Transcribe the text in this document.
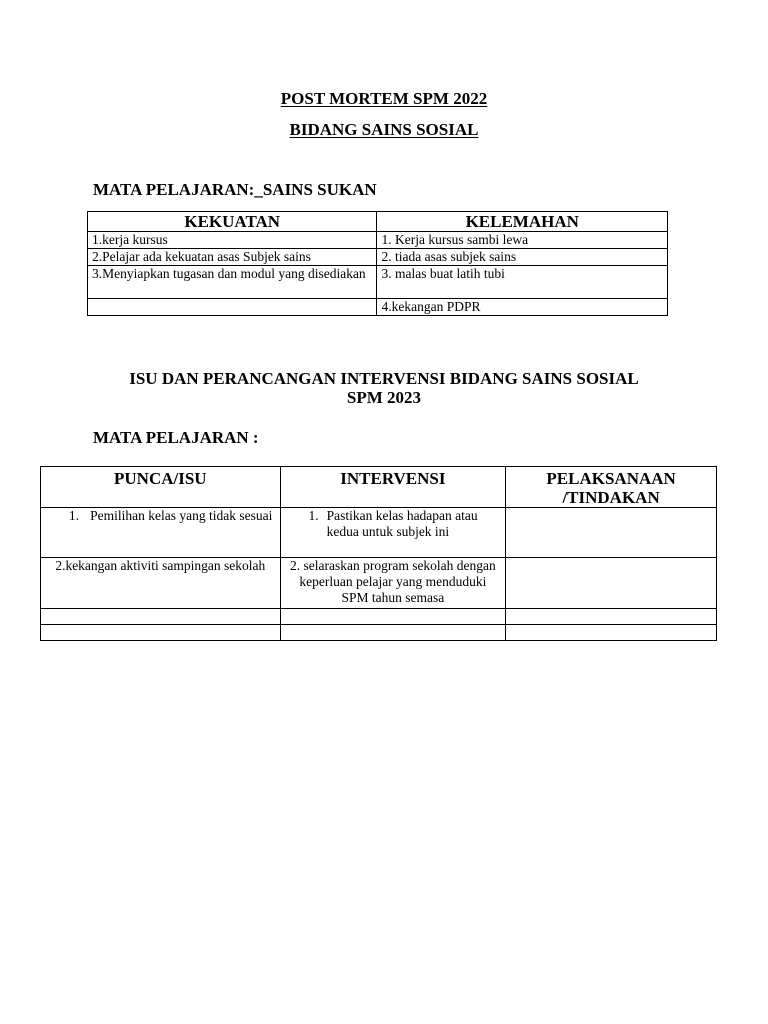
POST MORTEM SPM 2022
BIDANG SAINS SOSIAL
MATA PELAJARAN:_SAINS SUKAN
KEKUATAN	KELEMAHAN
1.kerja kursus	1. Kerja kursus sambi lewa
2.Pelajar ada kekuatan asas Subjek sains	2. tiada asas subjek sains
3.Menyiapkan tugasan dan modul yang disediakan	3. malas buat latih tubi
	4.kekangan PDPR
ISU DAN PERANCANGAN INTERVENSI BIDANG SAINS SOSIAL
SPM 2023
MATA PELAJARAN :
PUNCA/ISU	INTERVENSI	PELAKSANAAN /TINDAKAN

1. Pemilihan kelas yang tidak sesuai	1. Pastikan kelas hadapan atau kedua untuk subjek ini	

2.kekangan aktiviti sampingan sekolah	2. selaraskan program sekolah dengan keperluan pelajar yang menduduki SPM tahun semasa	
